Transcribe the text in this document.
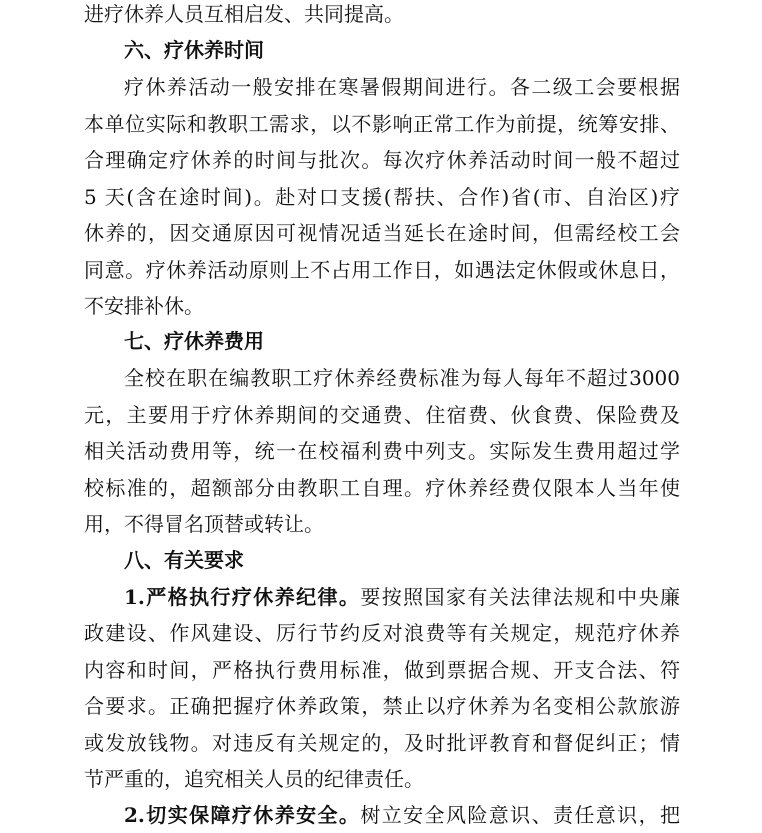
进疗休养人员互相启发、共同提高。
六、疗休养时间
疗休养活动一般安排在寒暑假期间进行。各二级工会要根据
本单位实际和教职工需求，以不影响正常工作为前提，统筹安排、
合理确定疗休养的时间与批次。每次疗休养活动时间一般不超过
5 天(含在途时间)。赴对口支援(帮扶、合作)省(市、自治区)疗
休养的，因交通原因可视情况适当延长在途时间，但需经校工会
同意。疗休养活动原则上不占用工作日，如遇法定休假或休息日，
不安排补休。
七、疗休养费用
全校在职在编教职工疗休养经费标准为每人每年不超过3000
元，主要用于疗休养期间的交通费、住宿费、伙食费、保险费及
相关活动费用等，统一在校福利费中列支。实际发生费用超过学
校标准的，超额部分由教职工自理。疗休养经费仅限本人当年使
用，不得冒名顶替或转让。
八、有关要求
1.严格执行疗休养纪律。要按照国家有关法律法规和中央廉
政建设、作风建设、厉行节约反对浪费等有关规定，规范疗休养
内容和时间，严格执行费用标准，做到票据合规、开支合法、符
合要求。正确把握疗休养政策，禁止以疗休养为名变相公款旅游
或发放钱物。对违反有关规定的，及时批评教育和督促纠正；情
节严重的，追究相关人员的纪律责任。
2.切实保障疗休养安全。树立安全风险意识、责任意识，把
